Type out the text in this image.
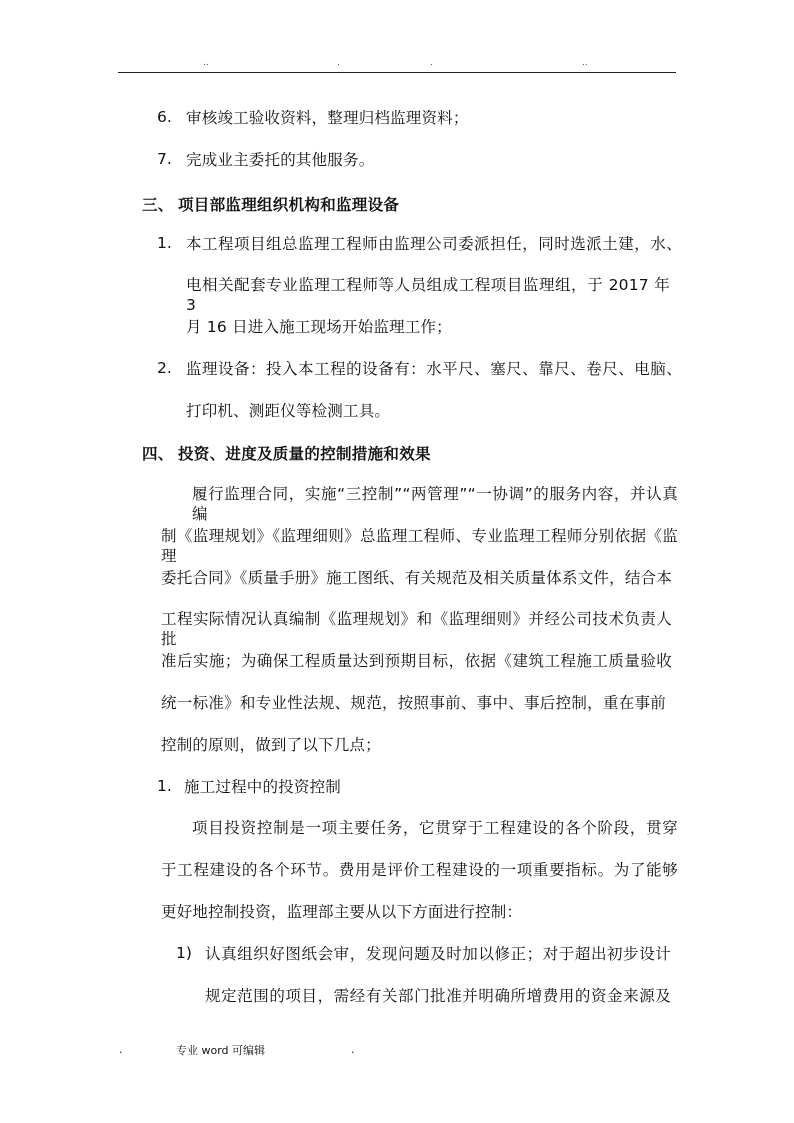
..	.	.	..
6. 审核竣工验收资料，整理归档监理资料；
7. 完成业主委托的其他服务。
三、 项目部监理组织机构和监理设备
1. 本工程项目组总监理工程师由监理公司委派担任，同时选派土建，水、
电相关配套专业监理工程师等人员组成工程项目监理组，于 2017 年 3
月 16 日进入施工现场开始监理工作；
2. 监理设备：投入本工程的设备有：水平尺、塞尺、靠尺、卷尺、电脑、
打印机、测距仪等检测工具。
四、 投资、进度及质量的控制措施和效果
履行监理合同，实施“三控制”“两管理”“一协调”的服务内容，并认真编
制《监理规划》《监理细则》总监理工程师、专业监理工程师分别依据《监理
委托合同》《质量手册》施工图纸、有关规范及相关质量体系文件，结合本
工程实际情况认真编制《监理规划》和《监理细则》并经公司技术负责人批
准后实施；为确保工程质量达到预期目标，依据《建筑工程施工质量验收
统一标准》和专业性法规、规范，按照事前、事中、事后控制，重在事前
控制的原则，做到了以下几点；
1. 施工过程中的投资控制
项目投资控制是一项主要任务，它贯穿于工程建设的各个阶段，贯穿
于工程建设的各个环节。费用是评价工程建设的一项重要指标。为了能够
更好地控制投资，监理部主要从以下方面进行控制：
1) 认真组织好图纸会审，发现问题及时加以修正；对于超出初步设计
规定范围的项目，需经有关部门批准并明确所增费用的资金来源及
.	专业 word 可编辑	.
